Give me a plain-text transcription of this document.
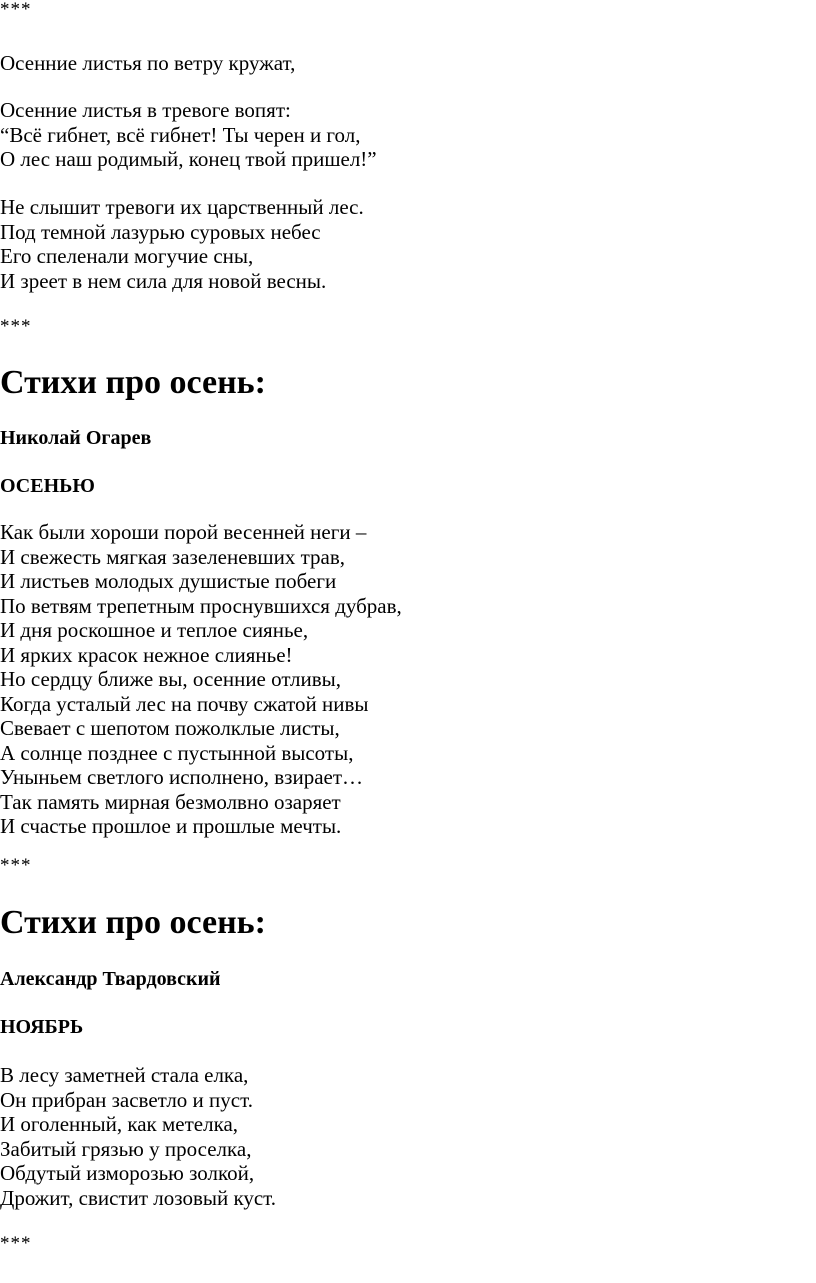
***
Осенние листья по ветру кружат,
Осенние листья в тревоге вопят:
“Всё гибнет, всё гибнет! Ты черен и гол,
О лес наш родимый, конец твой пришел!”
Не слышит тревоги их царственный лес.
Под темной лазурью суровых небес
Его спеленали могучие сны,
И зреет в нем сила для новой весны.
***
Стихи про осень:
Николай Огарев
ОСЕНЬЮ
Как были хороши порой весенней неги –
И свежесть мягкая зазеленевших трав,
И листьев молодых душистые побеги
По ветвям трепетным проснувшихся дубрав,
И дня роскошное и теплое сиянье,
И ярких красок нежное слиянье!
Но сердцу ближе вы, осенние отливы,
Когда усталый лес на почву сжатой нивы
Свевает с шепотом пожолклые листы,
А солнце позднее с пустынной высоты,
Уныньем светлого исполнено, взирает…
Так память мирная безмолвно озаряет
И счастье прошлое и прошлые мечты.
***
Стихи про осень:
Александр Твардовский
НОЯБРЬ
В лесу заметней стала елка,
Он прибран засветло и пуст.
И оголенный, как метелка,
Забитый грязью у проселка,
Обдутый изморозью золкой,
Дрожит, свистит лозовый куст.
***
